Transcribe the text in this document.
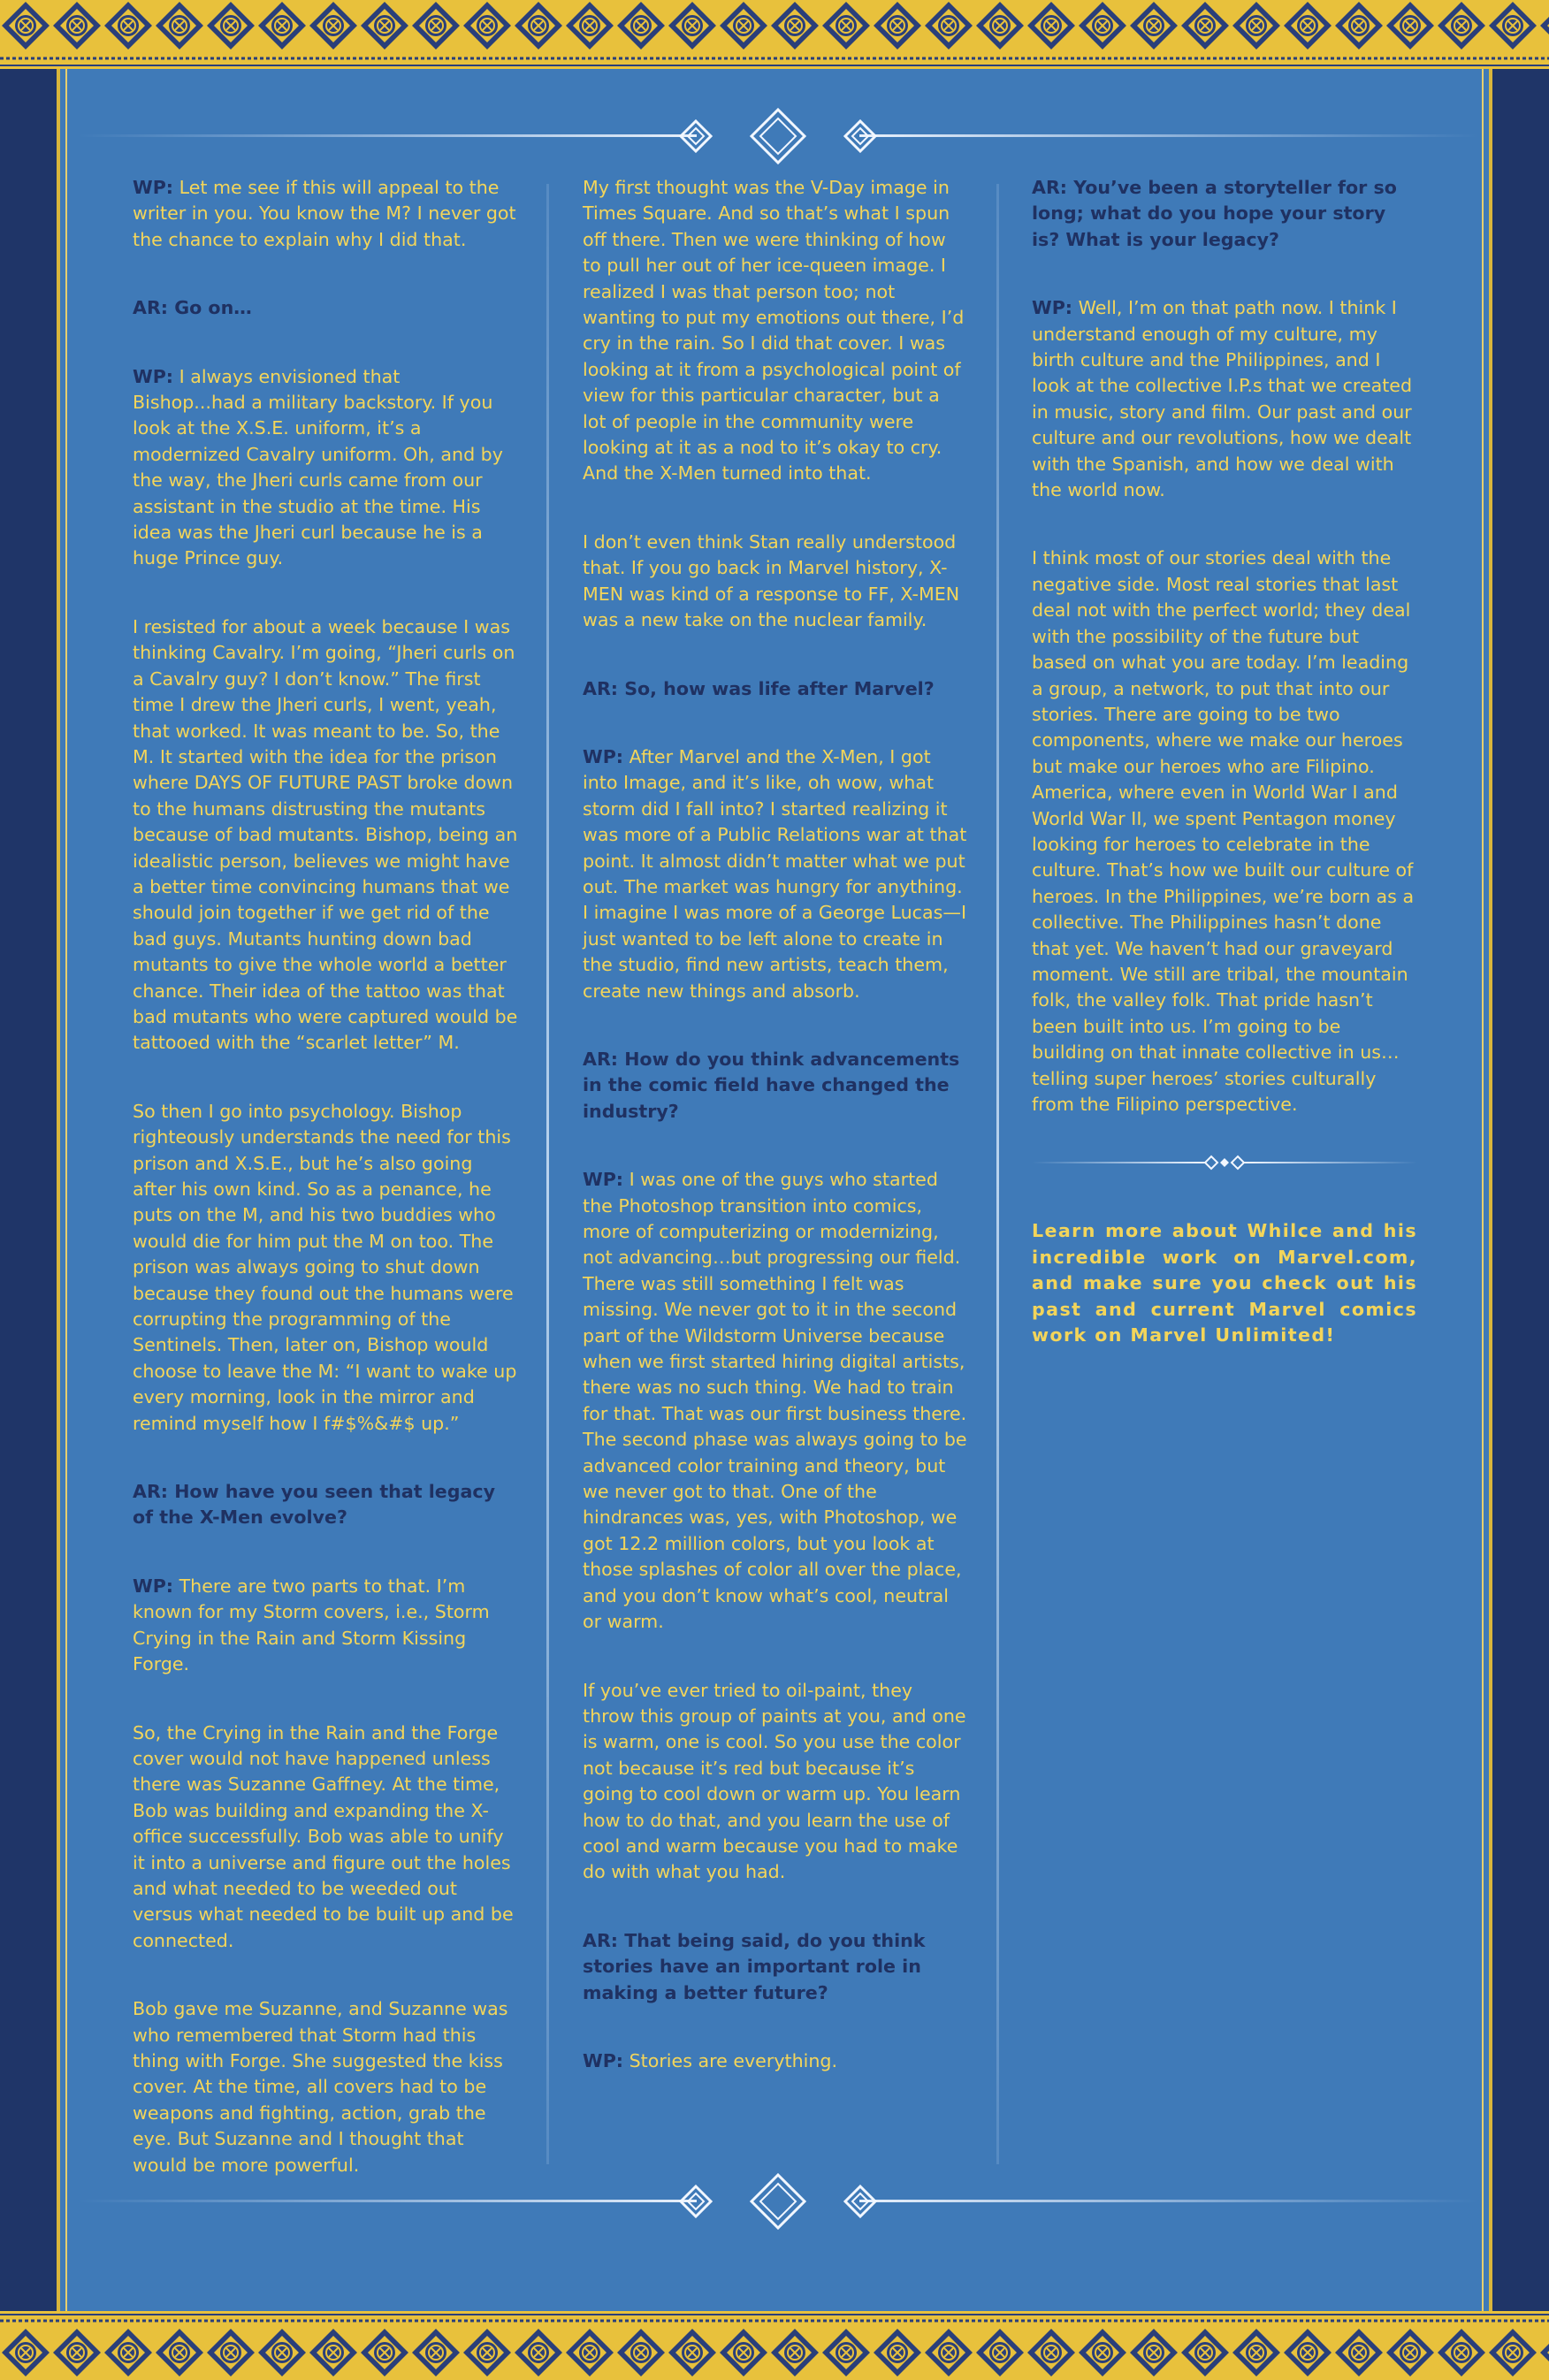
WP: Let me see if this will appeal to the writer in you. You know the M? I never got the chance to explain why I did that.

AR: Go on…

WP: I always envisioned that Bishop...had a military backstory. If you look at the X.S.E. uniform, it’s a modernized Cavalry uniform. Oh, and by the way, the Jheri curls came from our assistant in the studio at the time. His idea was the Jheri curl because he is a huge Prince guy.

I resisted for about a week because I was thinking Cavalry. I’m going, “Jheri curls on a Cavalry guy? I don’t know.” The first time I drew the Jheri curls, I went, yeah, that worked. It was meant to be. So, the M. It started with the idea for the prison where DAYS OF FUTURE PAST broke down to the humans distrusting the mutants because of bad mutants. Bishop, being an idealistic person, believes we might have a better time convincing humans that we should join together if we get rid of the bad guys. Mutants hunting down bad mutants to give the whole world a better chance. Their idea of the tattoo was that bad mutants who were captured would be tattooed with the “scarlet letter” M.

So then I go into psychology. Bishop righteously understands the need for this prison and X.S.E., but he’s also going after his own kind. So as a penance, he puts on the M, and his two buddies who would die for him put the M on too. The prison was always going to shut down because they found out the humans were corrupting the programming of the Sentinels. Then, later on, Bishop would choose to leave the M: “I want to wake up every morning, look in the mirror and remind myself how I f#$%&#$ up.”

AR: How have you seen that legacy of the X-Men evolve?

WP: There are two parts to that. I’m known for my Storm covers, i.e., Storm Crying in the Rain and Storm Kissing Forge.

So, the Crying in the Rain and the Forge cover would not have happened unless there was Suzanne Gaffney. At the time, Bob was building and expanding the X-office successfully. Bob was able to unify it into a universe and figure out the holes and what needed to be weeded out versus what needed to be built up and be connected.

Bob gave me Suzanne, and Suzanne was who remembered that Storm had this thing with Forge. She suggested the kiss cover. At the time, all covers had to be weapons and fighting, action, grab the eye. But Suzanne and I thought that would be more powerful.

My first thought was the V-Day image in Times Square. And so that’s what I spun off there. Then we were thinking of how to pull her out of her ice-queen image. I realized I was that person too; not wanting to put my emotions out there, I’d cry in the rain. So I did that cover. I was looking at it from a psychological point of view for this particular character, but a lot of people in the community were looking at it as a nod to it’s okay to cry. And the X-Men turned into that.

I don’t even think Stan really understood that. If you go back in Marvel history, X-MEN was kind of a response to FF, X-MEN was a new take on the nuclear family.

AR: So, how was life after Marvel?

WP: After Marvel and the X-Men, I got into Image, and it’s like, oh wow, what storm did I fall into? I started realizing it was more of a Public Relations war at that point. It almost didn’t matter what we put out. The market was hungry for anything. I imagine I was more of a George Lucas—I just wanted to be left alone to create in the studio, find new artists, teach them, create new things and absorb.

AR: How do you think advancements in the comic field have changed the industry?

WP: I was one of the guys who started the Photoshop transition into comics, more of computerizing or modernizing, not advancing…but progressing our field. There was still something I felt was missing. We never got to it in the second part of the Wildstorm Universe because when we first started hiring digital artists, there was no such thing. We had to train for that. That was our first business there. The second phase was always going to be advanced color training and theory, but we never got to that. One of the hindrances was, yes, with Photoshop, we got 12.2 million colors, but you look at those splashes of color all over the place, and you don’t know what’s cool, neutral or warm.

If you’ve ever tried to oil-paint, they throw this group of paints at you, and one is warm, one is cool. So you use the color not because it’s red but because it’s going to cool down or warm up. You learn how to do that, and you learn the use of cool and warm because you had to make do with what you had.

AR: That being said, do you think stories have an important role in making a better future?

WP: Stories are everything.

AR: You’ve been a storyteller for so long; what do you hope your story is? What is your legacy?

WP: Well, I’m on that path now. I think I understand enough of my culture, my birth culture and the Philippines, and I look at the collective I.P.s that we created in music, story and film. Our past and our culture and our revolutions, how we dealt with the Spanish, and how we deal with the world now.

I think most of our stories deal with the negative side. Most real stories that last deal not with the perfect world; they deal with the possibility of the future but based on what you are today. I’m leading a group, a network, to put that into our stories. There are going to be two components, where we make our heroes but make our heroes who are Filipino. America, where even in World War I and World War II, we spent Pentagon money looking for heroes to celebrate in the culture. That’s how we built our culture of heroes. In the Philippines, we’re born as a collective. The Philippines hasn’t done that yet. We haven’t had our graveyard moment. We still are tribal, the mountain folk, the valley folk. That pride hasn’t been built into us. I’m going to be building on that innate collective in us…telling super heroes’ stories culturally from the Filipino perspective.

Learn more about Whilce and his incredible work on Marvel.com, and make sure you check out his past and current Marvel comics work on Marvel Unlimited!
